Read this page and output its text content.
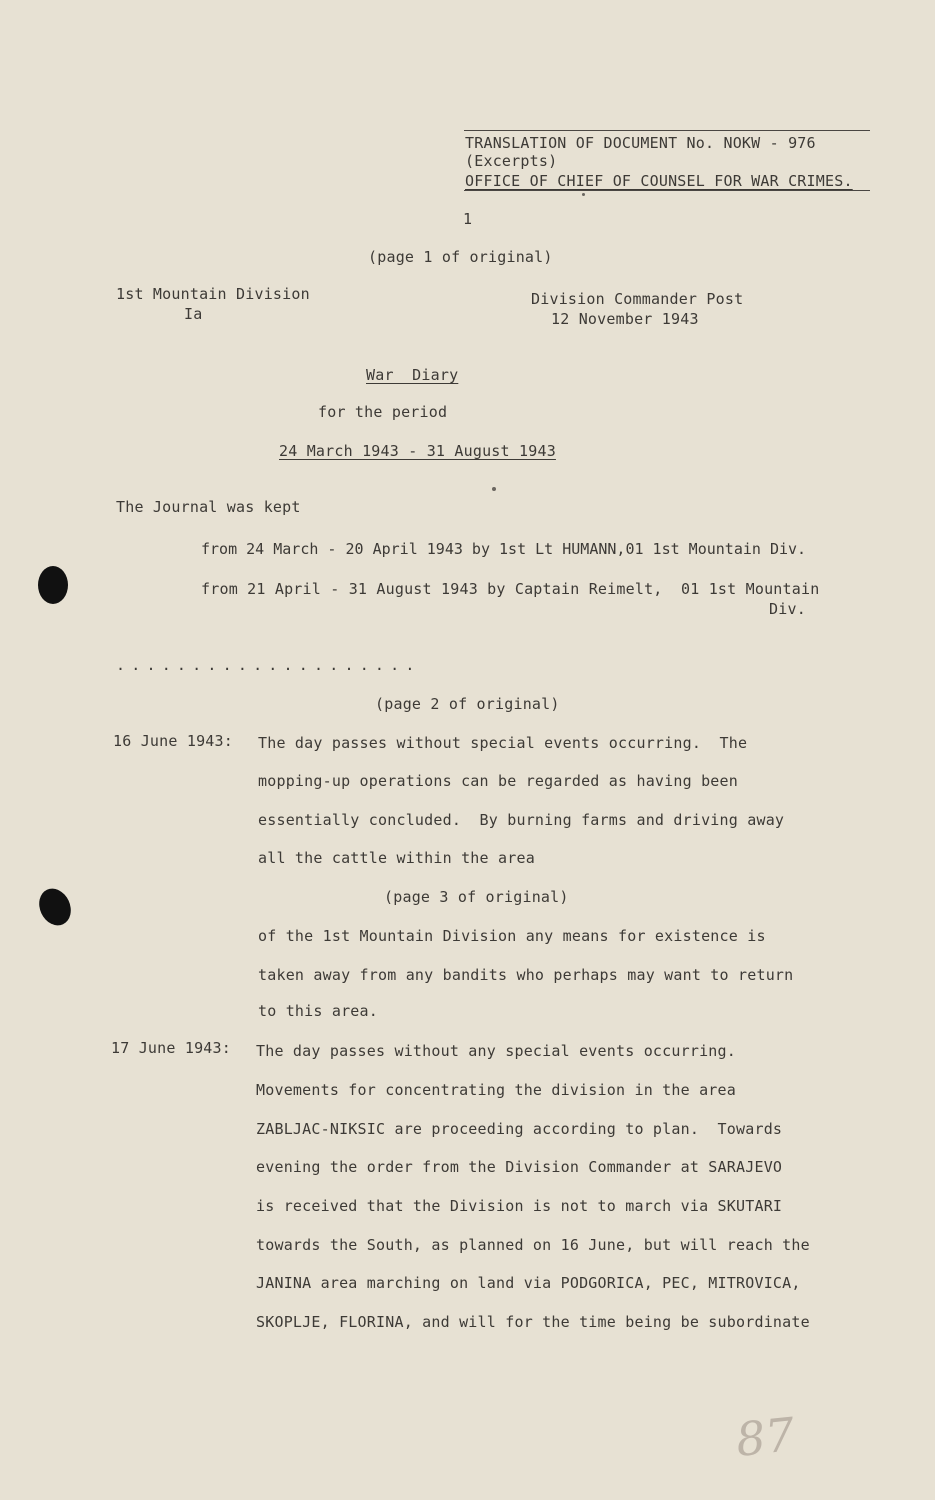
TRANSLATION OF DOCUMENT No. NOKW - 976
(Excerpts)
OFFICE OF CHIEF OF COUNSEL FOR WAR CRIMES.
1
(page 1 of original)
1st Mountain Division
Ia
Division Commander Post
12 November 1943
War  Diary
for the period
24 March 1943 - 31 August 1943
The Journal was kept
from 24 March - 20 April 1943 by 1st Lt HUMANN,01 1st Mountain Div.
from 21 April - 31 August 1943 by Captain Reimelt,  01 1st Mountain
Div.
....................
(page 2 of original)
16 June 1943: The day passes without special events occurring.  The
mopping-up operations can be regarded as having been
essentially concluded.  By burning farms and driving away
all the cattle within the area
(page 3 of original)
of the 1st Mountain Division any means for existence is
taken away from any bandits who perhaps may want to return
to this area.
17 June 1943: The day passes without any special events occurring.
Movements for concentrating the division in the area
ZABLJAC-NIKSIC are proceeding according to plan.  Towards
evening the order from the Division Commander at SARAJEVO
is received that the Division is not to march via SKUTARI
towards the South, as planned on 16 June, but will reach the
JANINA area marching on land via PODGORICA, PEC, MITROVICA,
SKOPLJE, FLORINA, and will for the time being be subordinate
87
